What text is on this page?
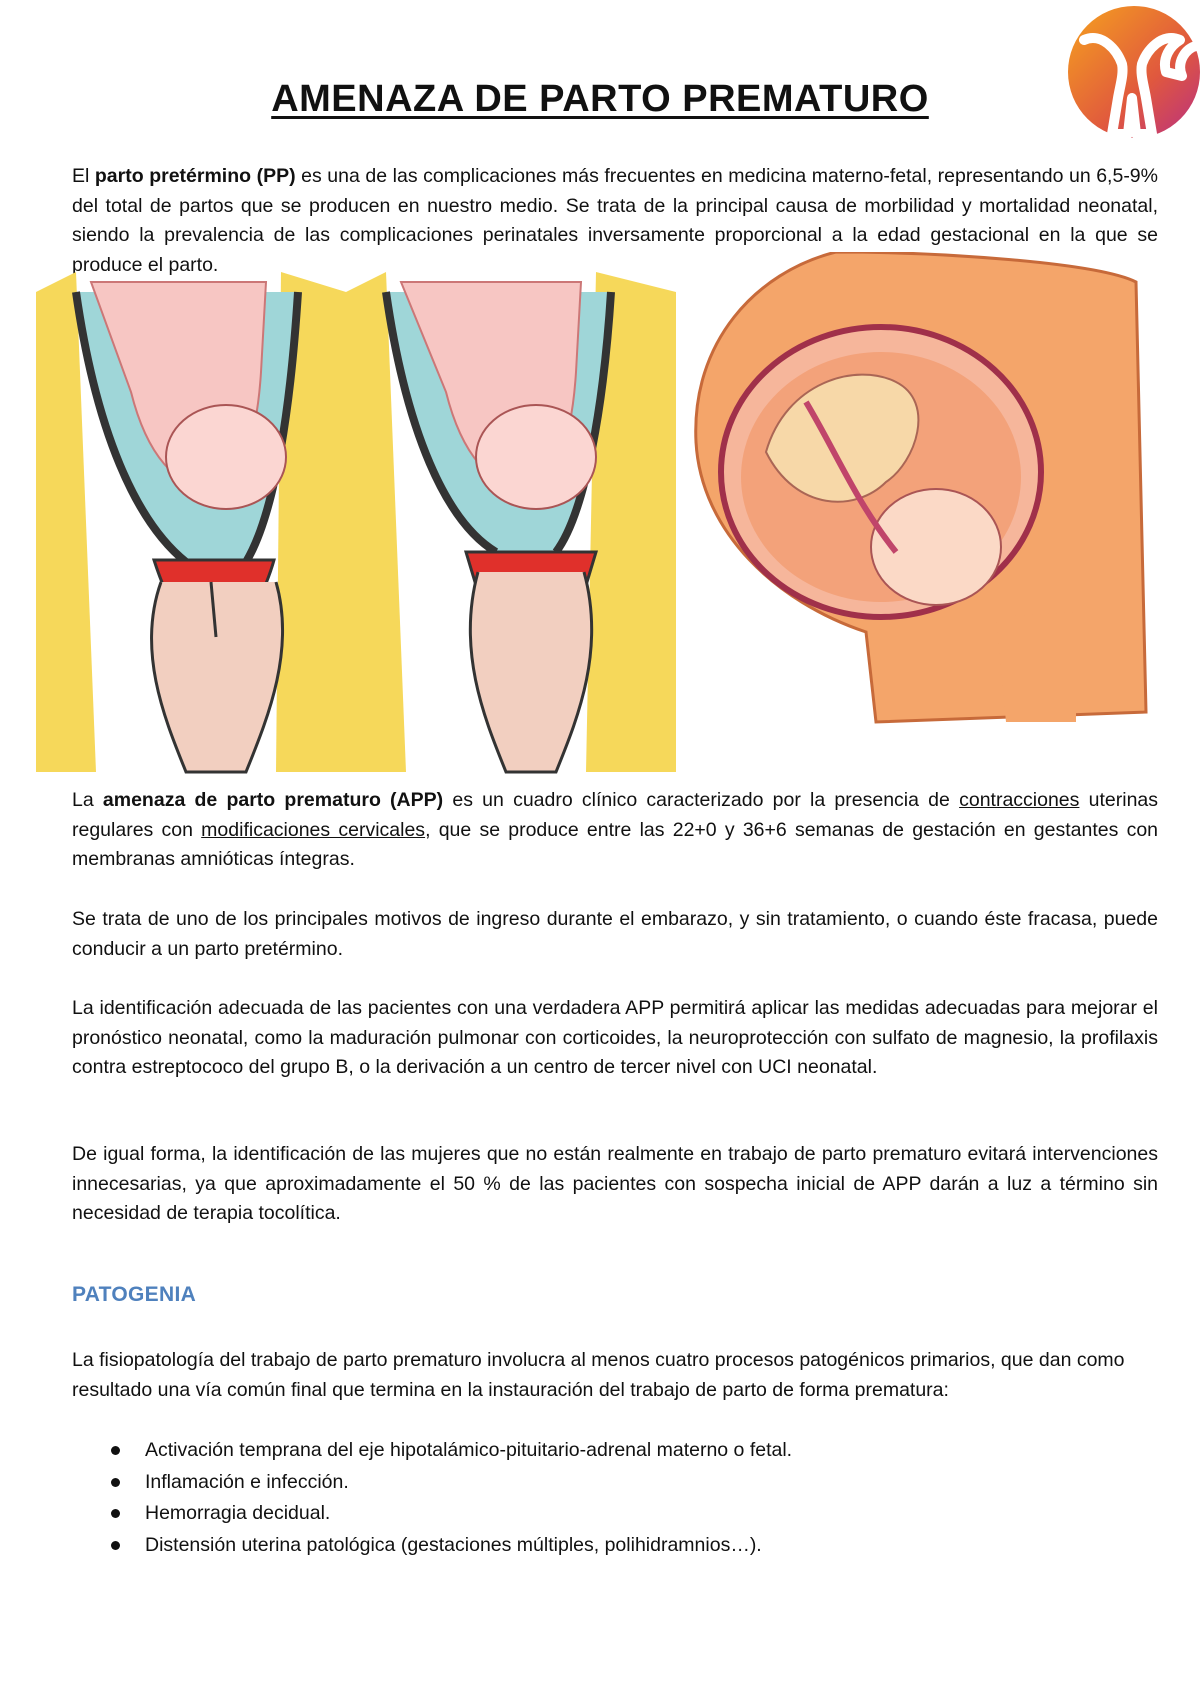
AMENAZA DE PARTO PREMATURO

El parto pretérmino (PP) es una de las complicaciones más frecuentes en medicina materno-fetal, representando un 6,5-9% del total de partos que se producen en nuestro medio. Se trata de la principal causa de morbilidad y mortalidad neonatal, siendo la prevalencia de las complicaciones perinatales inversamente proporcional a la edad gestacional en la que se produce el parto.

La amenaza de parto prematuro (APP) es un cuadro clínico caracterizado por la presencia de contracciones uterinas regulares con modificaciones cervicales, que se produce entre las 22+0 y 36+6 semanas de gestación en gestantes con membranas amnióticas íntegras.

Se trata de uno de los principales motivos de ingreso durante el embarazo, y sin tratamiento, o cuando éste fracasa, puede conducir a un parto pretérmino.

La identificación adecuada de las pacientes con una verdadera APP permitirá aplicar las medidas adecuadas para mejorar el pronóstico neonatal, como la maduración pulmonar con corticoides, la neuroprotección con sulfato de magnesio, la profilaxis contra estreptococo del grupo B, o la derivación a un centro de tercer nivel con UCI neonatal.

De igual forma, la identificación de las mujeres que no están realmente en trabajo de parto prematuro evitará intervenciones innecesarias, ya que aproximadamente el 50 % de las pacientes con sospecha inicial de APP darán a luz a término sin necesidad de terapia tocolítica.

PATOGENIA

La fisiopatología del trabajo de parto prematuro involucra al menos cuatro procesos patogénicos primarios, que dan como resultado una vía común final que termina en la instauración del trabajo de parto de forma prematura:

Activación temprana del eje hipotalámico-pituitario-adrenal materno o fetal.
Inflamación e infección.
Hemorragia decidual.
Distensión uterina patológica (gestaciones múltiples, polihidramnios…).
